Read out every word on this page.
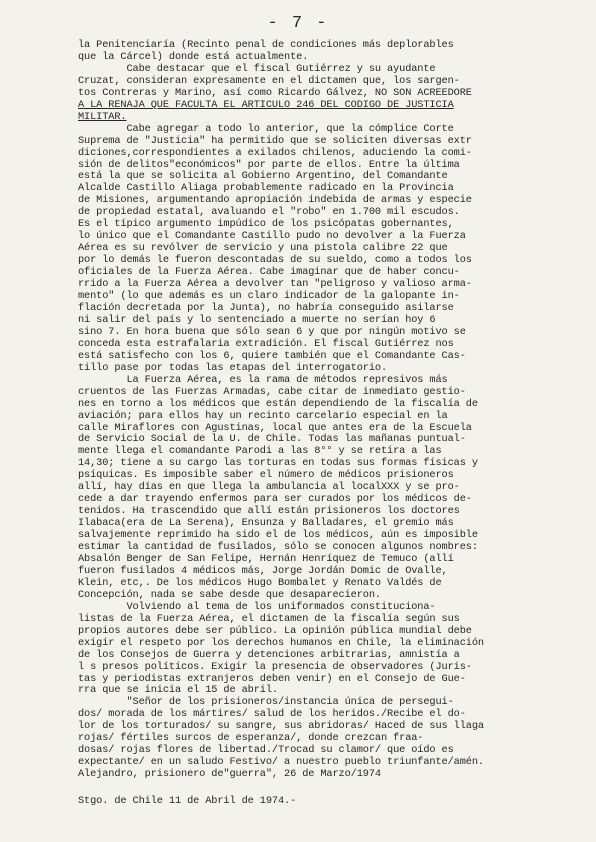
- 7 -
la Penitenciaría (Recinto penal de condiciones más deplorables
que la Cárcel) donde está actualmente.
Cabe destacar que el fiscal Gutiérrez y su ayudante
Cruzat, consideran expresamente en el dictamen que, los sargen-
tos Contreras y Marino, así como Ricardo Gálvez, NO SON ACREEDORE
A LA RENAJA QUE FACULTA EL ARTICULO 246 DEL CODIGO DE JUSTICIA
MILITAR.
Cabe agregar a todo lo anterior, que la cómplice Corte
Suprema de "Justicia" ha permitido que se soliciten diversas extr
diciones,correspondientes a exilados chilenos, aduciendo la comi-
sión de delitos"económicos" por parte de ellos. Entre la última
está la que se solicita al Gobierno Argentino, del Comandante
Alcalde Castillo Aliaga probablemente radicado en la Provincia
de Misiones, argumentando apropiación indebida de armas y especie
de propiedad estatal, avaluando el "robo" en 1.700 mil escudos.
Es el típico argumento impúdico de los psicópatas gobernantes,
lo único que el Comandante Castillo pudo no devolver a la Fuerza
Aérea es su revólver de servicio y una pistola calibre 22 que
por lo demás le fueron descontadas de su sueldo, como a todos los
oficiales de la Fuerza Aérea. Cabe imaginar que de haber concu-
rrido a la Fuerza Aérea a devolver tan "peligroso y valioso arma-
mento" (lo que además es un claro indicador de la galopante in-
flación decretada por la Junta), no habría conseguido asilarse
ni salir del país y lo sentenciado a muerte no serían hoy 6
sino 7. En hora buena que sólo sean 6 y que por ningún motivo se
conceda esta estrafalaria extradición. El fiscal Gutiérrez nos
está satisfecho con los 6, quiere también que el Comandante Cas-
tillo pase por todas las etapas del interrogatorio.
La Fuerza Aérea, es la rama de métodos represivos más
cruentos de las Fuerzas Armadas, cabe citar de inmediato gestio-
nes en torno a los médicos que están dependiendo de la fiscalía de
aviación; para ellos hay un recinto carcelario especial en la
calle Miraflores con Agustinas, local que antes era de la Escuela
de Servicio Social de la U. de Chile. Todas las mañanas puntual-
mente llega el comandante Parodi a las 8°° y se retira a las
14,30; tiene a su cargo las torturas en todas sus formas físicas y
psíquicas. Es imposible saber el número de médicos prisioneros
allí, hay días en que llega la ambulancia al localXXX y se pro-
cede a dar trayendo enfermos para ser curados por los médicos de-
tenidos. Ha trascendido que allí están prisioneros los doctores
Ilabaca(era de La Serena), Ensunza y Balladares, el gremio más
salvajemente reprimido ha sido el de los médicos, aún es imposible
estimar la cantidad de fusilados, sólo se conocen algunos nombres:
Absalón Benger de San Felipe, Hernán Henríquez de Temuco (allí
fueron fusilados 4 médicos más, Jorge Jordán Domic de Ovalle,
Klein, etc,. De los médicos Hugo Bombalet y Renato Valdés de
Concepción, nada se sabe desde que desaparecieron.
Volviendo al tema de los uniformados constituciona-
listas de la Fuerza Aérea, el dictamen de la fiscalía según sus
propios autores debe ser público. La opinión pública mundial debe
exigir el respeto por los derechos humanos en Chile, la eliminación
de los Consejos de Guerra y detenciones arbitrarias, amnistía a
l s presos políticos. Exigir la presencia de observadores (Juris-
tas y periodistas extranjeros deben venir) en el Consejo de Gue-
rra que se inicia el 15 de abril.
"Señor de los prisioneros/instancia única de persegui-
dos/ morada de los mártires/ salud de los heridos./Recibe el do-
lor de los torturados/ su sangre, sus abridoras/ Haced de sus llaga
rojas/ fértiles surcos de esperanza/, donde crezcan fraa-
dosas/ rojas flores de libertad./Trocad su clamor/ que oído es
expectante/ en un saludo Festivo/ a nuestro pueblo triunfante/amén.
Alejandro, prisionero de"guerra", 26 de Marzo/1974
Stgo. de Chile 11 de Abril de 1974.-
